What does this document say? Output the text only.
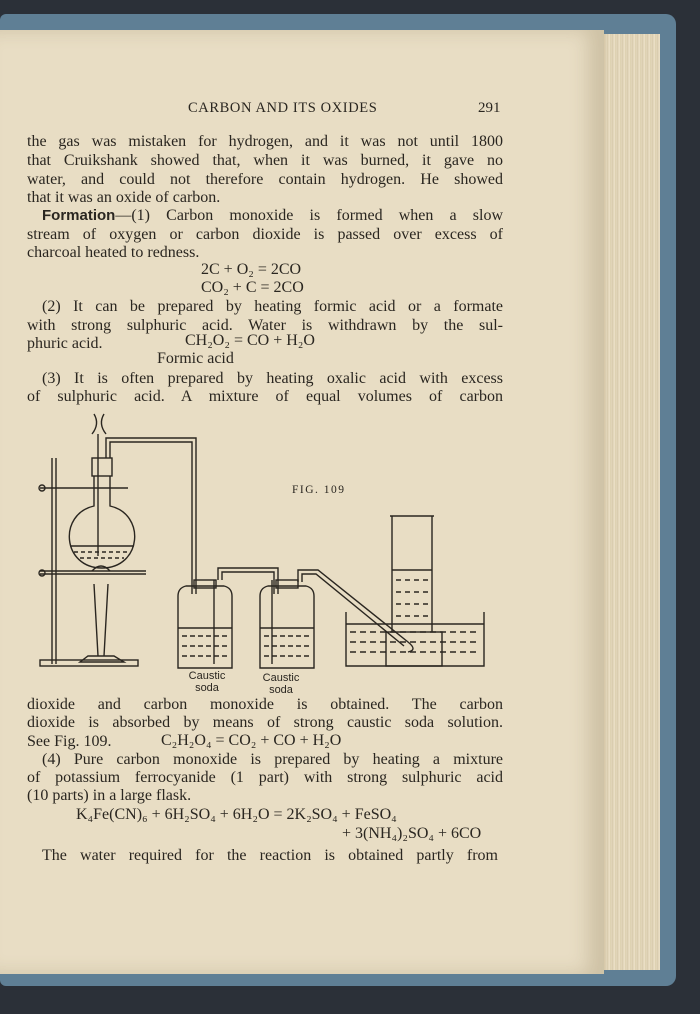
CARBON AND ITS OXIDES	291
the gas was mistaken for hydrogen, and it was not until 1800
that Cruikshank showed that, when it was burned, it gave no
water, and could not therefore contain hydrogen. He showed
that it was an oxide of carbon.
Formation—(1) Carbon monoxide is formed when a slow
stream of oxygen or carbon dioxide is passed over excess of
charcoal heated to redness.
2C + O₂ = 2CO
CO₂ + C = 2CO
(2) It can be prepared by heating formic acid or a formate
with strong sulphuric acid. Water is withdrawn by the sul-
phuric acid.	CH₂O₂ = CO + H₂O
Formic acid
(3) It is often prepared by heating oxalic acid with excess
of sulphuric acid. A mixture of equal volumes of carbon
FIG. 109
Caustic
soda
Caustic
soda
dioxide and carbon monoxide is obtained. The carbon
dioxide is absorbed by means of strong caustic soda solution.
See Fig. 109.	C₂H₂O₄ = CO₂ + CO + H₂O
(4) Pure carbon monoxide is prepared by heating a mixture
of potassium ferrocyanide (1 part) with strong sulphuric acid
(10 parts) in a large flask.
K₄Fe(CN)₆ + 6H₂SO₄ + 6H₂O = 2K₂SO₄ + FeSO₄
+ 3(NH₄)₂SO₄ + 6CO
The water required for the reaction is obtained partly from
